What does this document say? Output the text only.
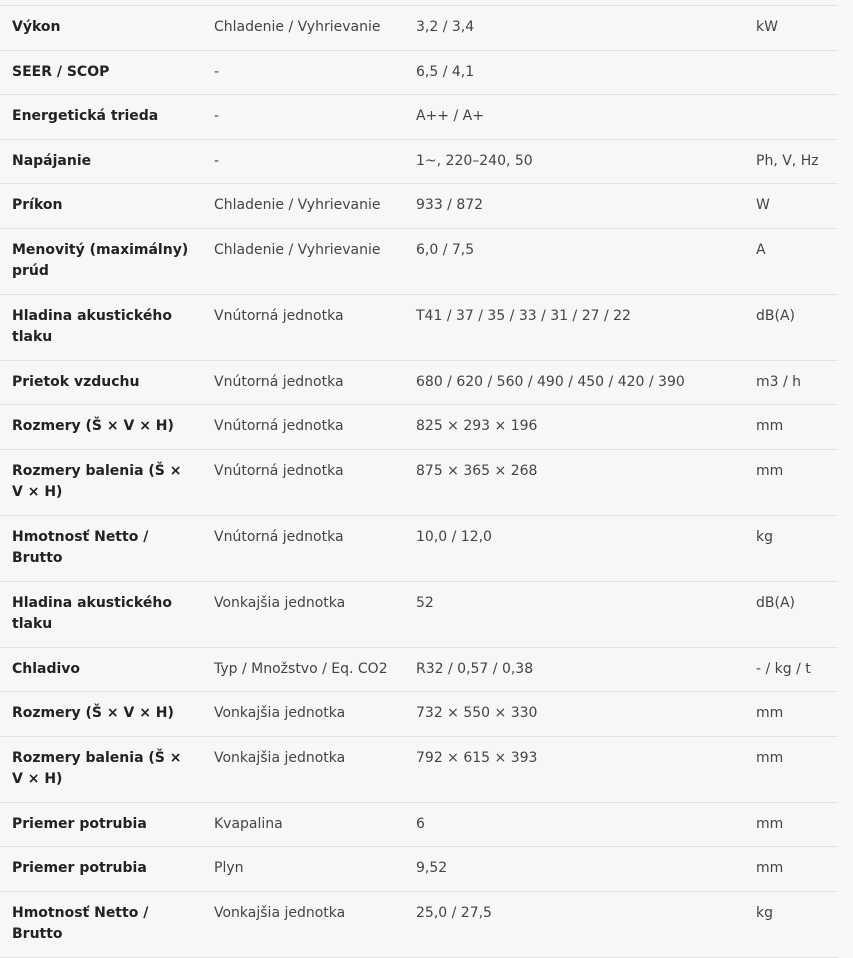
Výkon	Chladenie / Vyhrievanie	3,2 / 3,4	kW
SEER / SCOP	-	6,5 / 4,1	
Energetická trieda	-	A++ / A+	
Napájanie	-	1~, 220–240, 50	Ph, V, Hz
Príkon	Chladenie / Vyhrievanie	933 / 872	W
Menovitý (maximálny) prúd	Chladenie / Vyhrievanie	6,0 / 7,5	A
Hladina akustického tlaku	Vnútorná jednotka	T41 / 37 / 35 / 33 / 31 / 27 / 22	dB(A)
Prietok vzduchu	Vnútorná jednotka	680 / 620 / 560 / 490 / 450 / 420 / 390	m3 / h
Rozmery (Š × V × H)	Vnútorná jednotka	825 × 293 × 196	mm
Rozmery balenia (Š × V × H)	Vnútorná jednotka	875 × 365 × 268	mm
Hmotnosť Netto / Brutto	Vnútorná jednotka	10,0 / 12,0	kg
Hladina akustického tlaku	Vonkajšia jednotka	52	dB(A)
Chladivo	Typ / Množstvo / Eq. CO2	R32 / 0,57 / 0,38	- / kg / t
Rozmery (Š × V × H)	Vonkajšia jednotka	732 × 550 × 330	mm
Rozmery balenia (Š × V × H)	Vonkajšia jednotka	792 × 615 × 393	mm
Priemer potrubia	Kvapalina	6	mm
Priemer potrubia	Plyn	9,52	mm
Hmotnosť Netto / Brutto	Vonkajšia jednotka	25,0 / 27,5	kg
